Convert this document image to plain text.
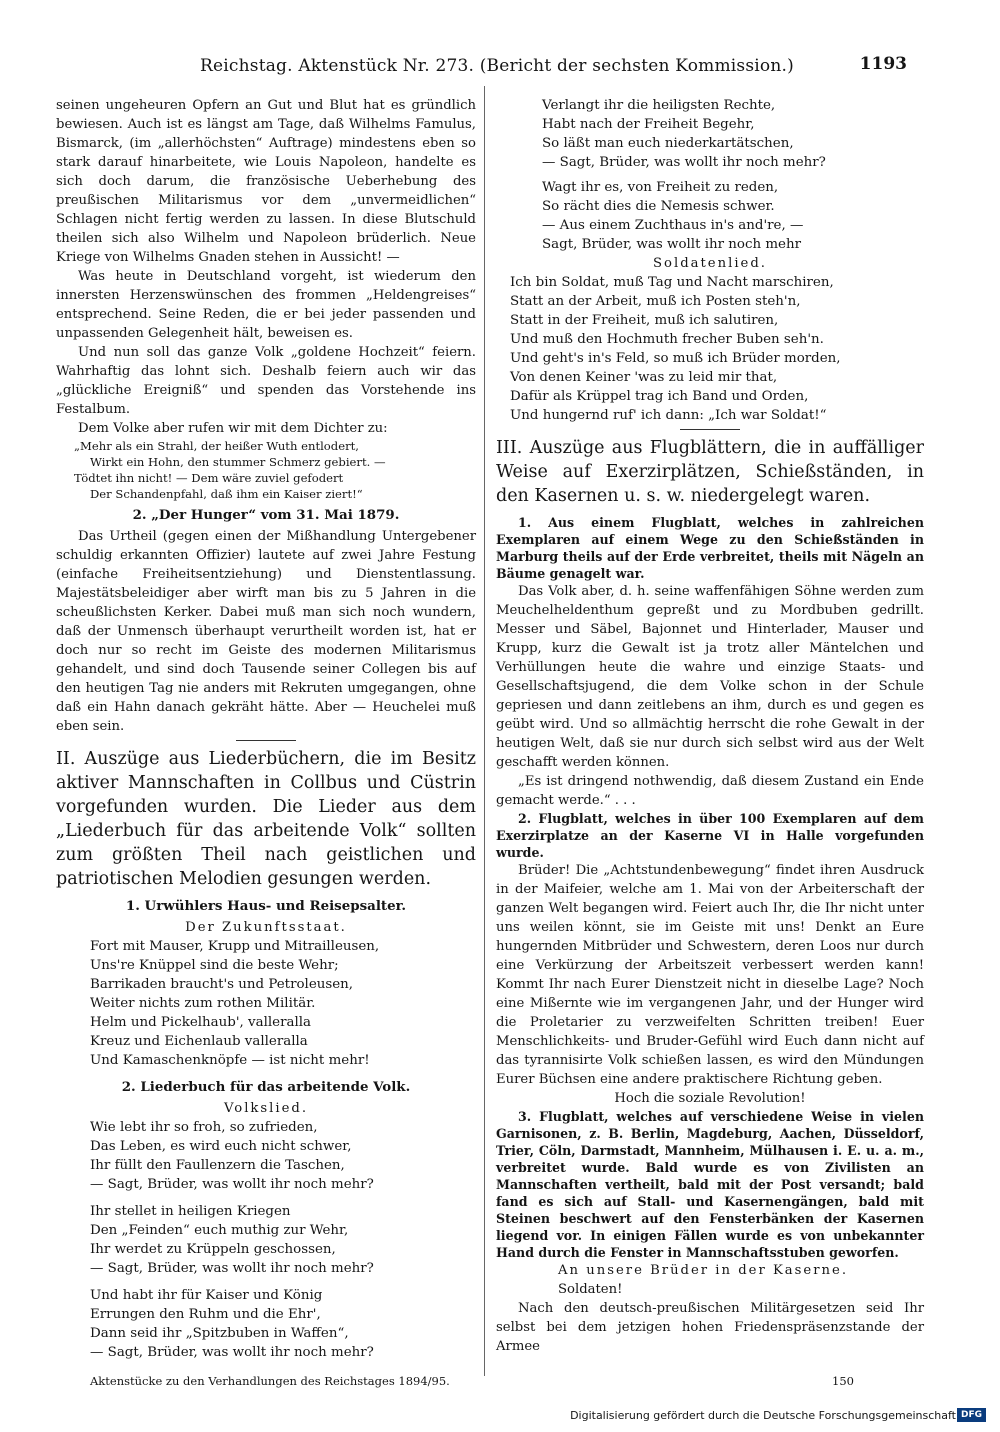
Reichstag. Aktenstück Nr. 273. (Bericht der sechsten Kommission.)	1193

seinen ungeheuren Opfern an Gut und Blut hat es gründlich bewiesen. Auch ist es längst am Tage, daß Wilhelms Famulus, Bismarck, (im „allerhöchsten“ Auftrage) mindestens eben so stark darauf hinarbeitete, wie Louis Napoleon, handelte es sich doch darum, die französische Ueberhebung des preußischen Militarismus vor dem „unvermeidlichen“ Schlagen nicht fertig werden zu lassen. In diese Blutschuld theilen sich also Wilhelm und Napoleon brüderlich. Neue Kriege von Wilhelms Gnaden stehen in Aussicht! —

Was heute in Deutschland vorgeht, ist wiederum den innersten Herzenswünschen des frommen „Heldengreises“ entsprechend. Seine Reden, die er bei jeder passenden und unpassenden Gelegenheit hält, beweisen es.

Und nun soll das ganze Volk „goldene Hochzeit“ feiern. Wahrhaftig das lohnt sich. Deshalb feiern auch wir das „glückliche Ereigniß“ und spenden das Vorstehende ins Festalbum.

Dem Volke aber rufen wir mit dem Dichter zu:

„Mehr als ein Strahl, der heißer Wuth entlodert,
Wirkt ein Hohn, den stummer Schmerz gebiert. —
Tödtet ihn nicht! — Dem wäre zuviel gefodert
Der Schandenpfahl, daß ihm ein Kaiser ziert!“
2. „Der Hunger“ vom 31. Mai 1879.

Das Urtheil (gegen einen der Mißhandlung Untergebener schuldig erkannten Offizier) lautete auf zwei Jahre Festung (einfache Freiheitsentziehung) und Dienstentlassung. Majestätsbeleidiger aber wirft man bis zu 5 Jahren in die scheußlichsten Kerker. Dabei muß man sich noch wundern, daß der Unmensch überhaupt verurtheilt worden ist, hat er doch nur so recht im Geiste des modernen Militarismus gehandelt, und sind doch Tausende seiner Collegen bis auf den heutigen Tag nie anders mit Rekruten umgegangen, ohne daß ein Hahn danach gekräht hätte. Aber — Heuchelei muß eben sein.

II. Auszüge aus Liederbüchern, die im Besitz aktiver Mannschaften in Collbus und Cüstrin vorgefunden wurden. Die Lieder aus dem „Liederbuch für das arbeitende Volk“ sollten zum größten Theil nach geistlichen und patriotischen Melodien gesungen werden.
1. Urwühlers Haus- und Reisepsalter.
Der Zukunftsstaat.
Fort mit Mauser, Krupp und Mitrailleusen,
Uns're Knüppel sind die beste Wehr;
Barrikaden braucht's und Petroleusen,
Weiter nichts zum rothen Militär.
Helm und Pickelhaub', valleralla
Kreuz und Eichenlaub valleralla
Und Kamaschenknöpfe — ist nicht mehr!
2. Liederbuch für das arbeitende Volk.
Volkslied.
Wie lebt ihr so froh, so zufrieden,
Das Leben, es wird euch nicht schwer,
Ihr füllt den Faullenzern die Taschen,
— Sagt, Brüder, was wollt ihr noch mehr?
Ihr stellet in heiligen Kriegen
Den „Feinden“ euch muthig zur Wehr,
Ihr werdet zu Krüppeln geschossen,
— Sagt, Brüder, was wollt ihr noch mehr?
Und habt ihr für Kaiser und König
Errungen den Ruhm und die Ehr',
Dann seid ihr „Spitzbuben in Waffen“,
— Sagt, Brüder, was wollt ihr noch mehr?
Verlangt ihr die heiligsten Rechte,
Habt nach der Freiheit Begehr,
So läßt man euch niederkartätschen,
— Sagt, Brüder, was wollt ihr noch mehr?
Wagt ihr es, von Freiheit zu reden,
So rächt dies die Nemesis schwer.
— Aus einem Zuchthaus in's and're, —
Sagt, Brüder, was wollt ihr noch mehr
Soldatenlied.
Ich bin Soldat, muß Tag und Nacht marschiren,
Statt an der Arbeit, muß ich Posten steh'n,
Statt in der Freiheit, muß ich salutiren,
Und muß den Hochmuth frecher Buben seh'n.
Und geht's in's Feld, so muß ich Brüder morden,
Von denen Keiner 'was zu leid mir that,
Dafür als Krüppel trag ich Band und Orden,
Und hungernd ruf' ich dann: „Ich war Soldat!“
III. Auszüge aus Flugblättern, die in auffälliger Weise auf Exerzirplätzen, Schießständen, in den Kasernen u. s. w. niedergelegt waren.

1. Aus einem Flugblatt, welches in zahlreichen Exemplaren auf einem Wege zu den Schießständen in Marburg theils auf der Erde verbreitet, theils mit Nägeln an Bäume genagelt war.

Das Volk aber, d. h. seine waffenfähigen Söhne werden zum Meuchelheldenthum gepreßt und zu Mordbuben gedrillt. Messer und Säbel, Bajonnet und Hinterlader, Mauser und Krupp, kurz die Gewalt ist ja trotz aller Mäntelchen und Verhüllungen heute die wahre und einzige Staats- und Gesellschaftsjugend, die dem Volke schon in der Schule gepriesen und dann zeitlebens an ihm, durch es und gegen es geübt wird. Und so allmächtig herrscht die rohe Gewalt in der heutigen Welt, daß sie nur durch sich selbst wird aus der Welt geschafft werden können.

„Es ist dringend nothwendig, daß diesem Zustand ein Ende gemacht werde.“ . . .

2. Flugblatt, welches in über 100 Exemplaren auf dem Exerzirplatze an der Kaserne VI in Halle vorgefunden wurde.

Brüder! Die „Achtstundenbewegung“ findet ihren Ausdruck in der Maifeier, welche am 1. Mai von der Arbeiterschaft der ganzen Welt begangen wird. Feiert auch Ihr, die Ihr nicht unter uns weilen könnt, sie im Geiste mit uns! Denkt an Eure hungernden Mitbrüder und Schwestern, deren Loos nur durch eine Verkürzung der Arbeitszeit verbessert werden kann! Kommt Ihr nach Eurer Dienstzeit nicht in dieselbe Lage? Noch eine Mißernte wie im vergangenen Jahr, und der Hunger wird die Proletarier zu verzweifelten Schritten treiben! Euer Menschlichkeits- und Bruder-Gefühl wird Euch dann nicht auf das tyrannisirte Volk schießen lassen, es wird den Mündungen Eurer Büchsen eine andere praktischere Richtung geben.

Hoch die soziale Revolution!

3. Flugblatt, welches auf verschiedene Weise in vielen Garnisonen, z. B. Berlin, Magdeburg, Aachen, Düsseldorf, Trier, Cöln, Darmstadt, Mannheim, Mülhausen i. E. u. a. m., verbreitet wurde. Bald wurde es von Zivilisten an Mannschaften vertheilt, bald mit der Post versandt; bald fand es sich auf Stall- und Kasernengängen, bald mit Steinen beschwert auf den Fensterbänken der Kasernen liegend vor. In einigen Fällen wurde es von unbekannter Hand durch die Fenster in Mannschaftsstuben geworfen.

An unsere Brüder in der Kaserne.
Soldaten!

Nach den deutsch-preußischen Militärgesetzen seid Ihr selbst bei dem jetzigen hohen Friedenspräsenzstande der Armee

Aktenstücke zu den Verhandlungen des Reichstages 1894/95.	150
Digitalisierung gefördert durch die Deutsche Forschungsgemeinschaft DFG
